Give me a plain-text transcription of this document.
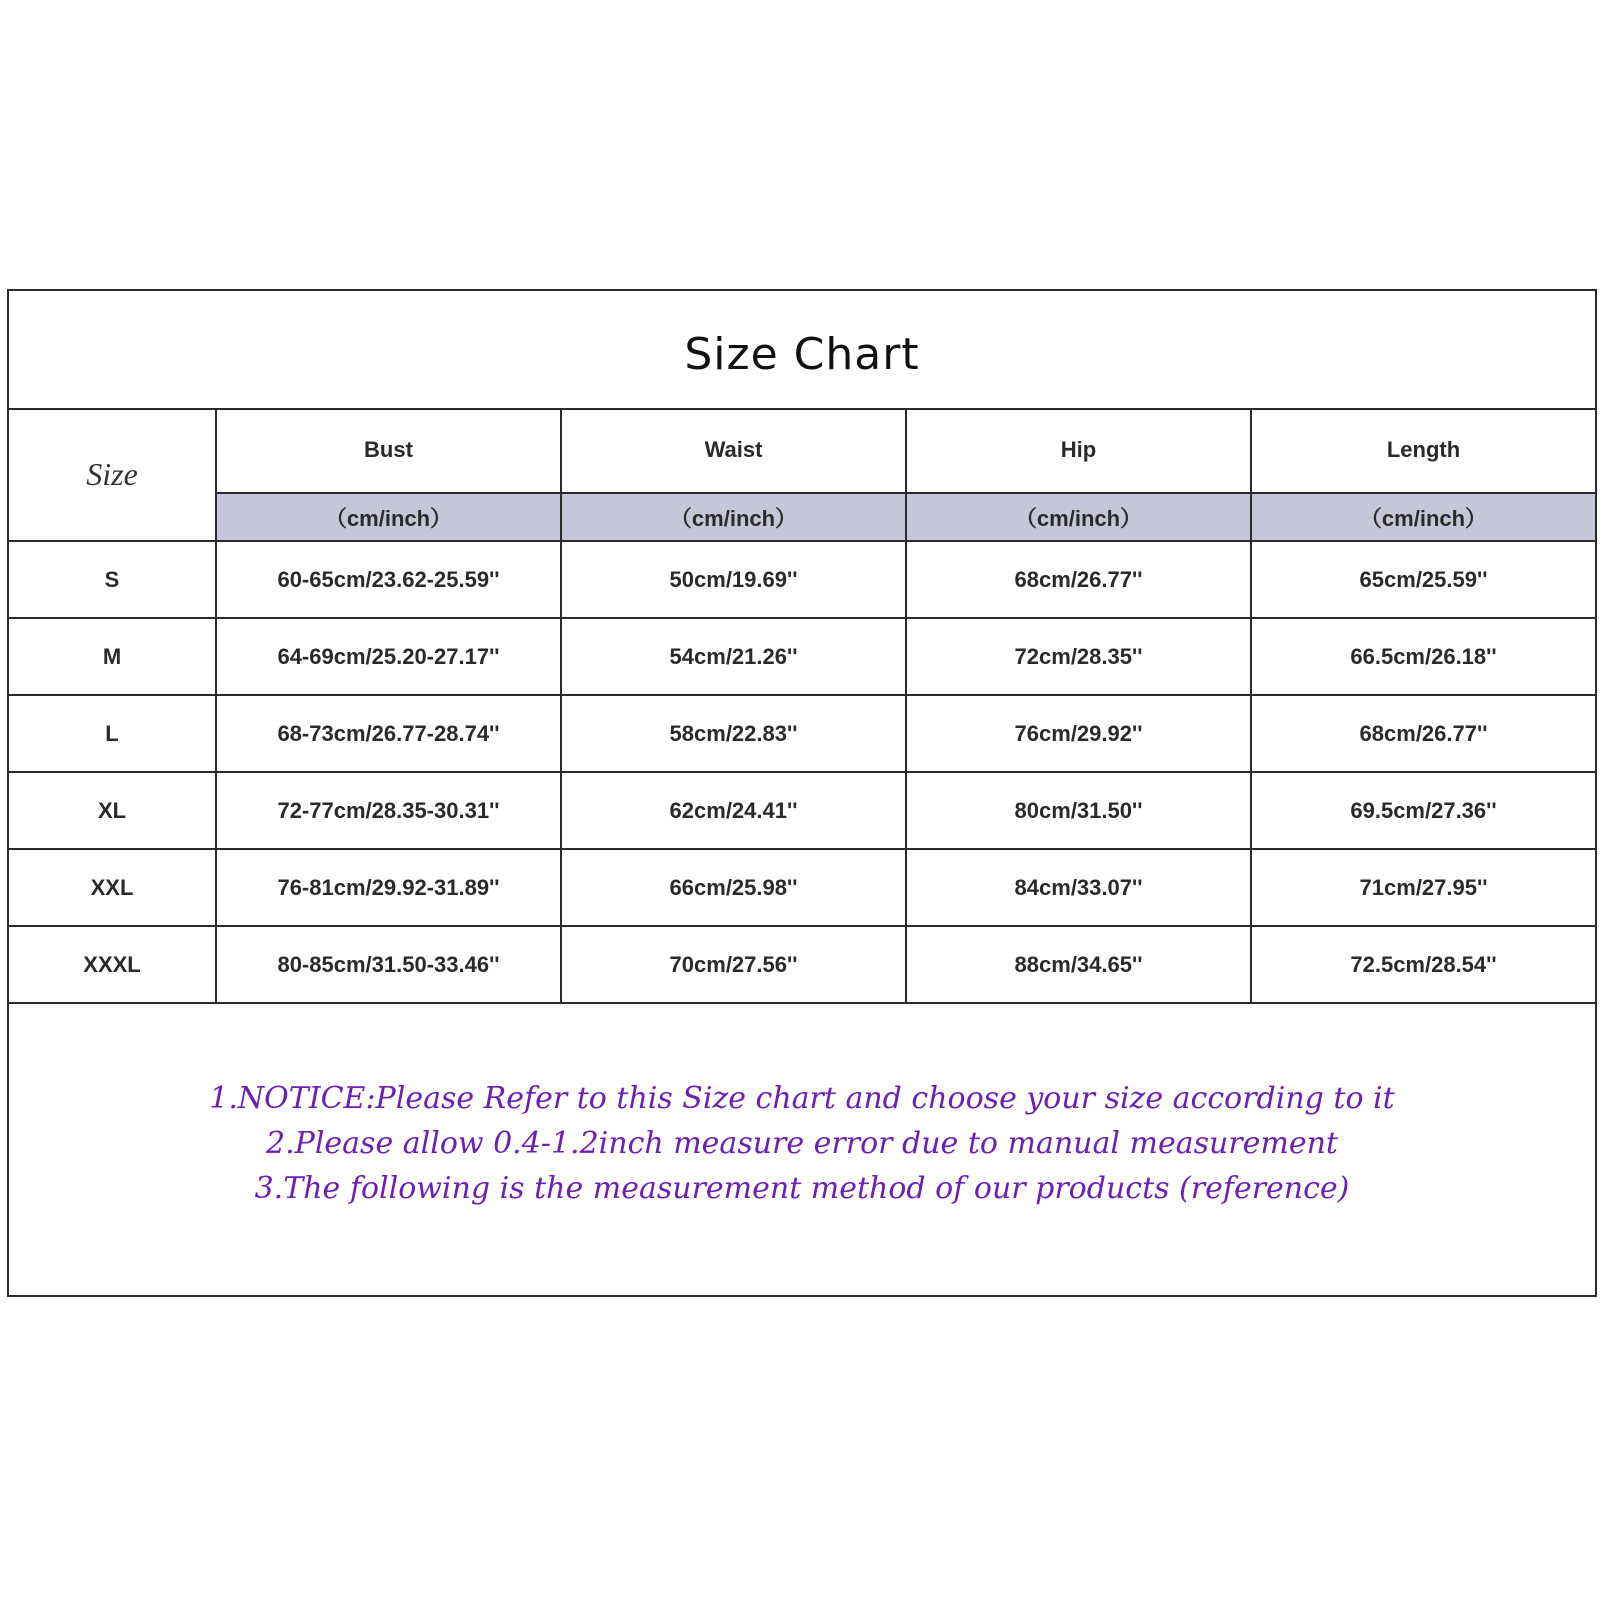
Size Chart
Size	Bust	Waist	Hip	Length
	（cm/inch）	（cm/inch）	（cm/inch）	（cm/inch）
S	60-65cm/23.62-25.59''	50cm/19.69''	68cm/26.77''	65cm/25.59''
M	64-69cm/25.20-27.17''	54cm/21.26''	72cm/28.35''	66.5cm/26.18''
L	68-73cm/26.77-28.74''	58cm/22.83''	76cm/29.92''	68cm/26.77''
XL	72-77cm/28.35-30.31''	62cm/24.41''	80cm/31.50''	69.5cm/27.36''
XXL	76-81cm/29.92-31.89''	66cm/25.98''	84cm/33.07''	71cm/27.95''
XXXL	80-85cm/31.50-33.46''	70cm/27.56''	88cm/34.65''	72.5cm/28.54''
1.NOTICE:Please Refer to this Size chart and choose your size according to it
2.Please allow 0.4-1.2inch measure error due to manual measurement
3.The following is the measurement method of our products (reference)
